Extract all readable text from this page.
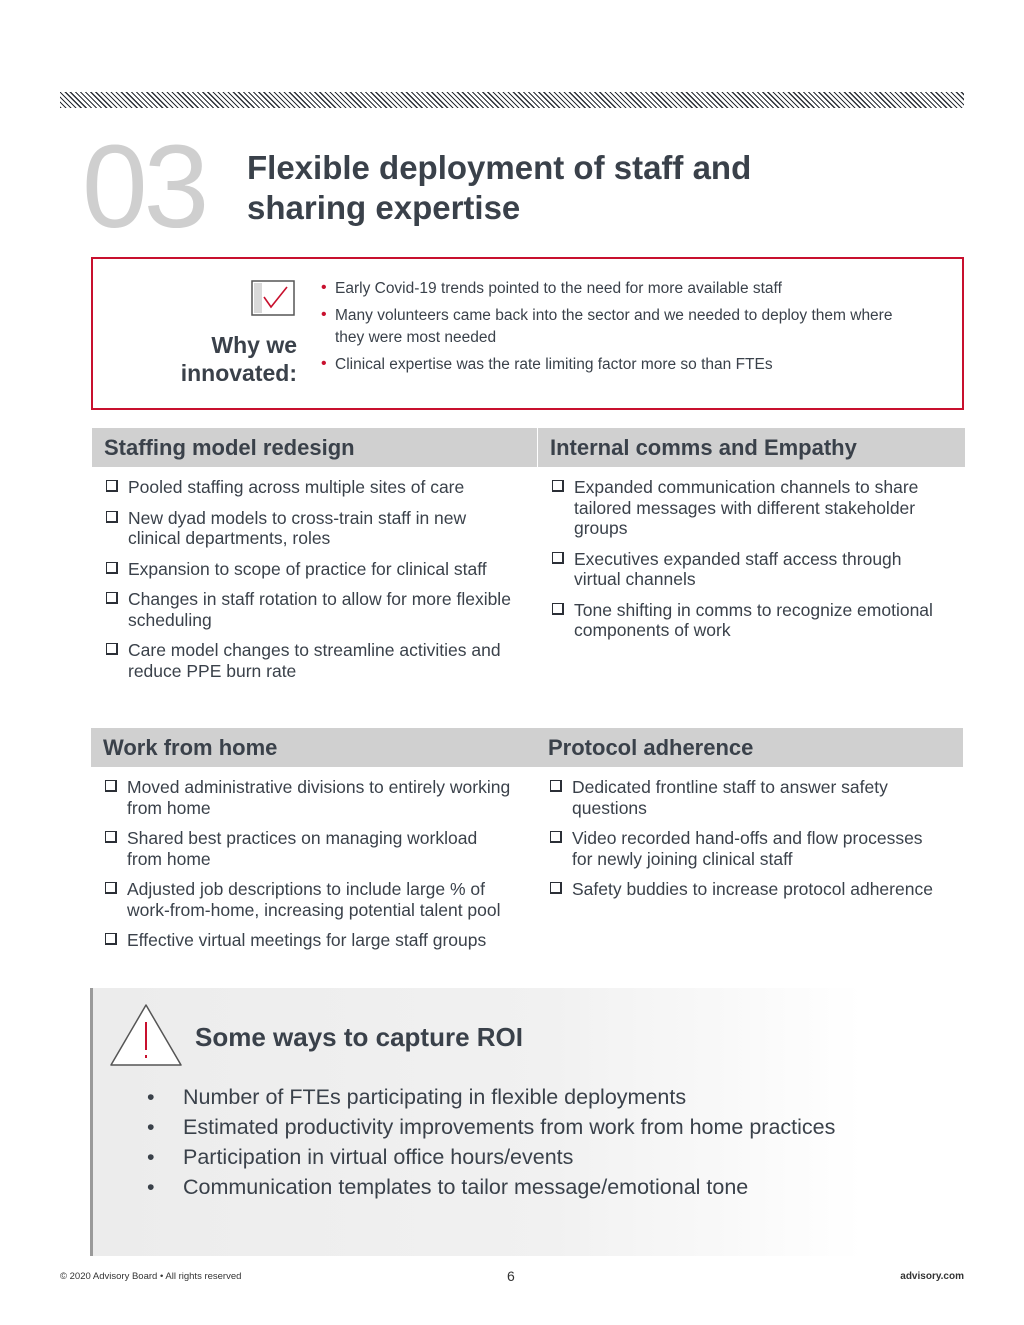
03 Flexible deployment of staff and
sharing expertise
Why we
innovated:
• Early Covid-19 trends pointed to the need for more available staff
• Many volunteers came back into the sector and we needed to deploy them where they were most needed
• Clinical expertise was the rate limiting factor more so than FTEs
Staffing model redesign
Pooled staffing across multiple sites of care
New dyad models to cross-train staff in new clinical departments, roles
Expansion to scope of practice for clinical staff
Changes in staff rotation to allow for more flexible scheduling
Care model changes to streamline activities and reduce PPE burn rate
Internal comms and Empathy
Expanded communication channels to share tailored messages with different stakeholder groups
Executives expanded staff access through virtual channels
Tone shifting in comms to recognize emotional components of work
Work from home
Moved administrative divisions to entirely working from home
Shared best practices on managing workload from home
Adjusted job descriptions to include large % of work-from-home, increasing potential talent pool
Effective virtual meetings for large staff groups
Protocol adherence
Dedicated frontline staff to answer safety questions
Video recorded hand-offs and flow processes for newly joining clinical staff
Safety buddies to increase protocol adherence
Some ways to capture ROI
• Number of FTEs participating in flexible deployments
• Estimated productivity improvements from work from home practices
• Participation in virtual office hours/events
• Communication templates to tailor message/emotional tone
© 2020 Advisory Board • All rights reserved	6	advisory.com
